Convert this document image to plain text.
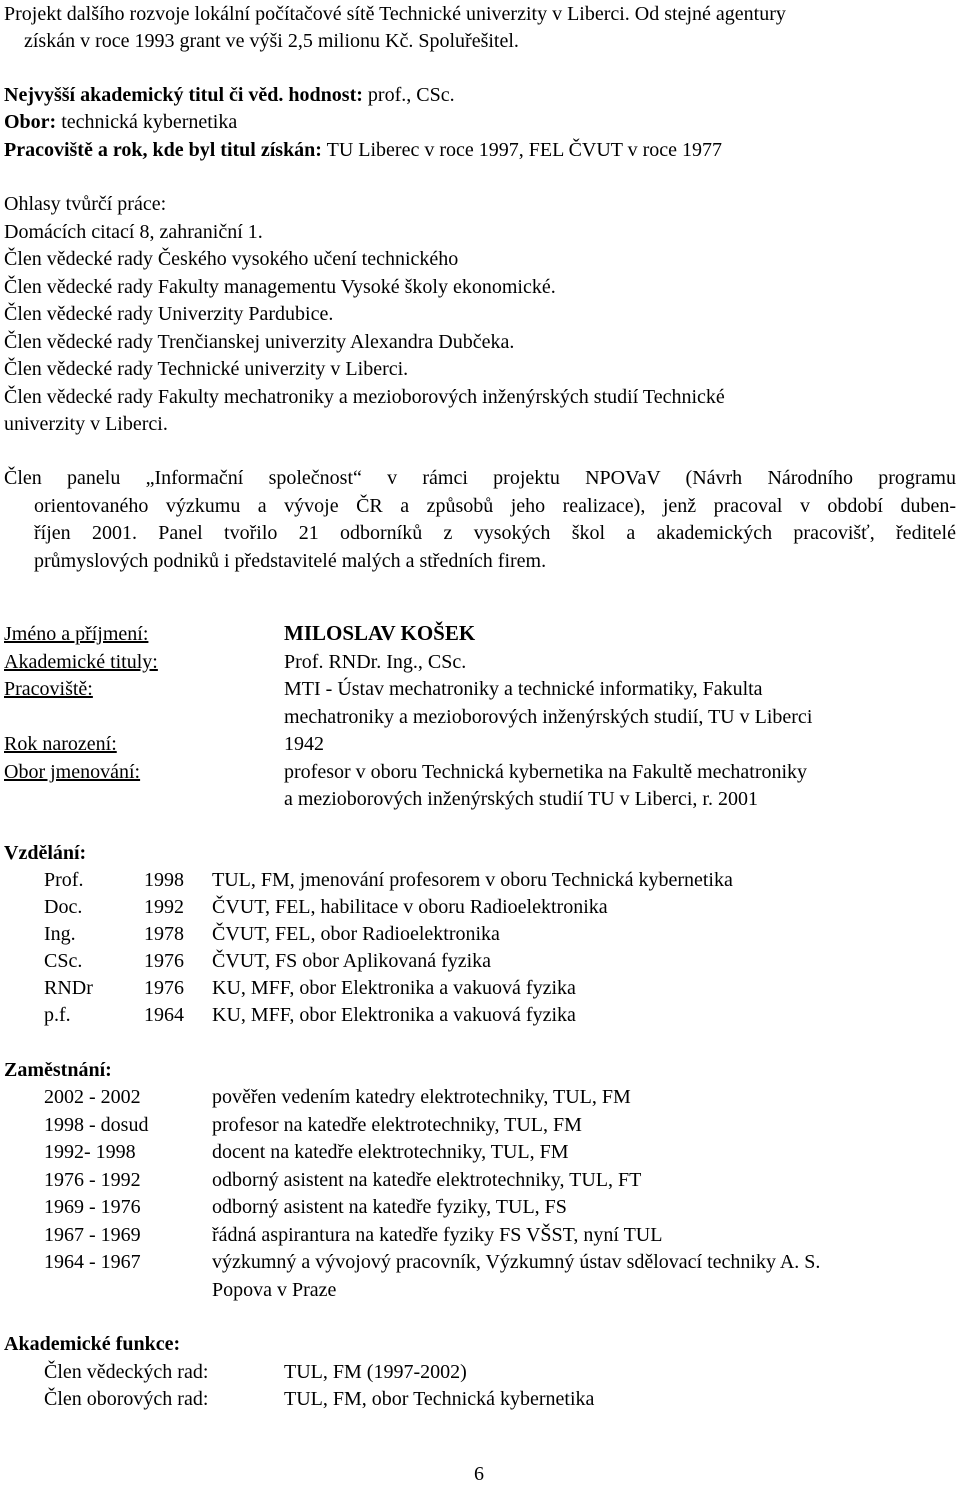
Projekt dalšího rozvoje lokální počítačové sítě Technické univerzity v Liberci. Od stejné agentury
získán v roce 1993 grant ve výši 2,5 milionu Kč. Spoluřešitel.
Nejvyšší akademický titul či věd. hodnost: prof., CSc.
Obor: technická kybernetika
Pracoviště a rok, kde byl titul získán: TU Liberec v roce 1997, FEL ČVUT v roce 1977
Ohlasy tvůrčí práce:
Domácích citací 8, zahraniční 1.
Člen vědecké rady Českého vysokého učení technického
Člen vědecké rady Fakulty managementu Vysoké školy ekonomické.
Člen vědecké rady Univerzity Pardubice.
Člen vědecké rady Trenčianskej univerzity Alexandra Dubčeka.
Člen vědecké rady Technické univerzity v Liberci.
Člen vědecké rady Fakulty mechatroniky a mezioborových inženýrských studií Technické
univerzity v Liberci.
Člen panelu „Informační společnost“ v rámci projektu NPOVaV (Návrh Národního programu
orientovaného výzkumu a vývoje ČR a způsobů jeho realizace), jenž pracoval v období duben-
říjen 2001. Panel tvořilo 21 odborníků z vysokých škol a akademických pracovišť, ředitelé
průmyslových podniků i představitelé malých a středních firem.
Jméno a příjmení:	MILOSLAV KOŠEK
Akademické tituly:	Prof. RNDr. Ing., CSc.
Pracoviště:	MTI - Ústav mechatroniky a technické informatiky, Fakulta
mechatroniky a mezioborových inženýrských studií, TU v Liberci
Rok narození:	1942
Obor jmenování:	profesor v oboru Technická kybernetika na Fakultě mechatroniky
a mezioborových inženýrských studií TU v Liberci, r. 2001
Vzdělání:
Prof.	1998 TUL, FM, jmenování profesorem v oboru Technická kybernetika
Doc.	1992 ČVUT, FEL, habilitace v oboru Radioelektronika
Ing.	1978 ČVUT, FEL, obor Radioelektronika
CSc.	1976 ČVUT, FS obor Aplikovaná fyzika
RNDr	1976 KU, MFF, obor Elektronika a vakuová fyzika
p.f.	1964 KU, MFF, obor Elektronika a vakuová fyzika
Zaměstnání:
2002 - 2002	pověřen vedením katedry elektrotechniky, TUL, FM
1998 - dosud	profesor na katedře elektrotechniky, TUL, FM
1992- 1998	docent na katedře elektrotechniky, TUL, FM
1976 - 1992	odborný asistent na katedře elektrotechniky, TUL, FT
1969 - 1976	odborný asistent na katedře fyziky, TUL, FS
1967 - 1969	řádná aspirantura na katedře fyziky FS VŠST, nyní TUL
1964 - 1967	výzkumný a vývojový pracovník, Výzkumný ústav sdělovací techniky A. S.
Popova v Praze
Akademické funkce:
Člen vědeckých rad:	TUL, FM (1997-2002)
Člen oborových rad:	TUL, FM, obor Technická kybernetika
6
